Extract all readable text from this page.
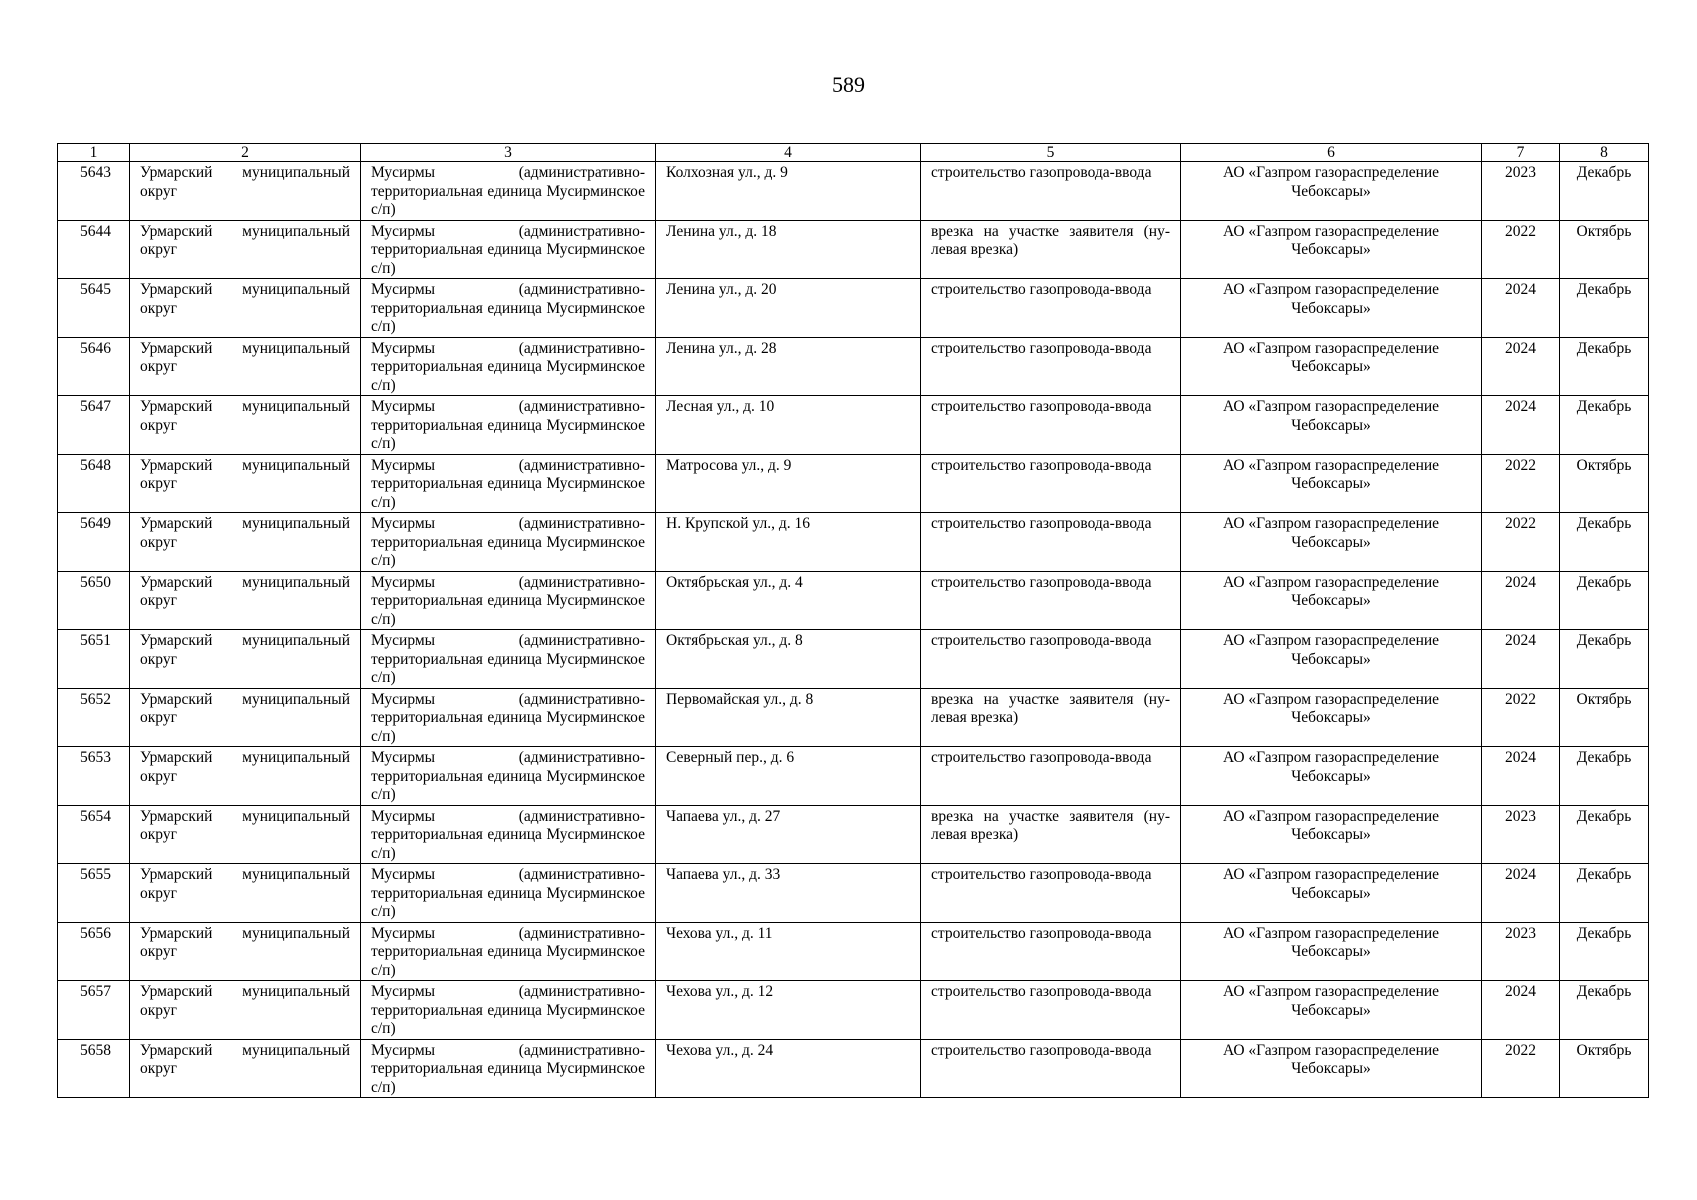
589
1	2	3	4	5	6	7	8
5643	Урмарский муниципальный округ	Мусирмы (административно-территориальная единица Мусирминское с/п)	Колхозная ул., д. 9	строительство газопровода-ввода	АО «Газпром газораспределение Чебоксары»	2023	Декабрь
5644	Урмарский муниципальный округ	Мусирмы (административно-территориальная единица Мусирминское с/п)	Ленина ул., д. 18	врезка на участке заявителя (нулевая врезка)	АО «Газпром газораспределение Чебоксары»	2022	Октябрь
5645	Урмарский муниципальный округ	Мусирмы (административно-территориальная единица Мусирминское с/п)	Ленина ул., д. 20	строительство газопровода-ввода	АО «Газпром газораспределение Чебоксары»	2024	Декабрь
5646	Урмарский муниципальный округ	Мусирмы (административно-территориальная единица Мусирминское с/п)	Ленина ул., д. 28	строительство газопровода-ввода	АО «Газпром газораспределение Чебоксары»	2024	Декабрь
5647	Урмарский муниципальный округ	Мусирмы (административно-территориальная единица Мусирминское с/п)	Лесная ул., д. 10	строительство газопровода-ввода	АО «Газпром газораспределение Чебоксары»	2024	Декабрь
5648	Урмарский муниципальный округ	Мусирмы (административно-территориальная единица Мусирминское с/п)	Матросова ул., д. 9	строительство газопровода-ввода	АО «Газпром газораспределение Чебоксары»	2022	Октябрь
5649	Урмарский муниципальный округ	Мусирмы (административно-территориальная единица Мусирминское с/п)	Н. Крупской ул., д. 16	строительство газопровода-ввода	АО «Газпром газораспределение Чебоксары»	2022	Декабрь
5650	Урмарский муниципальный округ	Мусирмы (административно-территориальная единица Мусирминское с/п)	Октябрьская ул., д. 4	строительство газопровода-ввода	АО «Газпром газораспределение Чебоксары»	2024	Декабрь
5651	Урмарский муниципальный округ	Мусирмы (административно-территориальная единица Мусирминское с/п)	Октябрьская ул., д. 8	строительство газопровода-ввода	АО «Газпром газораспределение Чебоксары»	2024	Декабрь
5652	Урмарский муниципальный округ	Мусирмы (административно-территориальная единица Мусирминское с/п)	Первомайская ул., д. 8	врезка на участке заявителя (нулевая врезка)	АО «Газпром газораспределение Чебоксары»	2022	Октябрь
5653	Урмарский муниципальный округ	Мусирмы (административно-территориальная единица Мусирминское с/п)	Северный пер., д. 6	строительство газопровода-ввода	АО «Газпром газораспределение Чебоксары»	2024	Декабрь
5654	Урмарский муниципальный округ	Мусирмы (административно-территориальная единица Мусирминское с/п)	Чапаева ул., д. 27	врезка на участке заявителя (нулевая врезка)	АО «Газпром газораспределение Чебоксары»	2023	Декабрь
5655	Урмарский муниципальный округ	Мусирмы (административно-территориальная единица Мусирминское с/п)	Чапаева ул., д. 33	строительство газопровода-ввода	АО «Газпром газораспределение Чебоксары»	2024	Декабрь
5656	Урмарский муниципальный округ	Мусирмы (административно-территориальная единица Мусирминское с/п)	Чехова ул., д. 11	строительство газопровода-ввода	АО «Газпром газораспределение Чебоксары»	2023	Декабрь
5657	Урмарский муниципальный округ	Мусирмы (административно-территориальная единица Мусирминское с/п)	Чехова ул., д. 12	строительство газопровода-ввода	АО «Газпром газораспределение Чебоксары»	2024	Декабрь
5658	Урмарский муниципальный округ	Мусирмы (административно-территориальная единица Мусирминское с/п)	Чехова ул., д. 24	строительство газопровода-ввода	АО «Газпром газораспределение Чебоксары»	2022	Октябрь
